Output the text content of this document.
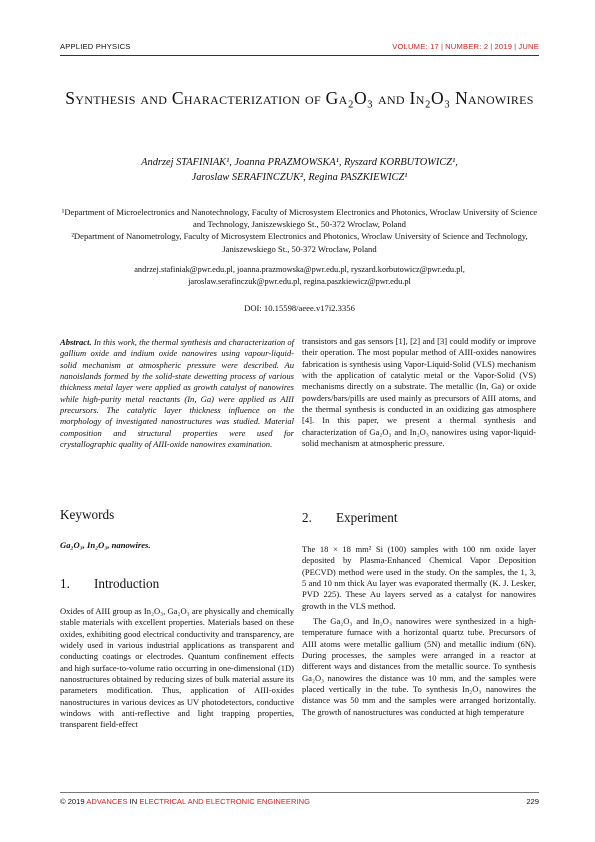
APPLIED PHYSICS	VOLUME: 17 | NUMBER: 2 | 2019 | JUNE
Synthesis and Characterization of Ga₂O₃ and In₂O₃ Nanowires
Andrzej STAFINIAK¹, Joanna PRAZMOWSKA¹, Ryszard KORBUTOWICZ¹,
Jaroslaw SERAFINCZUK², Regina PASZKIEWICZ¹
¹Department of Microelectronics and Nanotechnology, Faculty of Microsystem Electronics and Photonics, Wroclaw University of Science and Technology, Janiszewskiego St., 50-372 Wroclaw, Poland
²Department of Nanometrology, Faculty of Microsystem Electronics and Photonics, Wroclaw University of Science and Technology, Janiszewskiego St., 50-372 Wroclaw, Poland
andrzej.stafiniak@pwr.edu.pl, joanna.prazmowska@pwr.edu.pl, ryszard.korbutowicz@pwr.edu.pl,
jaroslaw.serafinczuk@pwr.edu.pl, regina.paszkiewicz@pwr.edu.pl
DOI: 10.15598/aeee.v17i2.3356

Abstract. In this work, the thermal synthesis and characterization of gallium oxide and indium oxide nanowires using vapour-liquid-solid mechanism at atmospheric pressure were described. Au nanoislands formed by the solid-state dewetting process of various thickness metal layer were applied as growth catalyst of nanowires while high-purity metal reactants (In, Ga) were applied as AIII precursors. The catalytic layer thickness influence on the morphology of investigated nanostructures was studied. Material composition and structural properties were used for crystallographic quality of AIII-oxide nanowires examination.

transistors and gas sensors [1], [2] and [3] could modify or improve their operation. The most popular method of AIII-oxides nanowires fabrication is synthesis using Vapor-Liquid-Solid (VLS) mechanism with the application of catalytic metal or the Vapor-Solid (VS) mechanisms directly on a substrate. The metallic (In, Ga) or oxide powders/bars/pills are used mainly as precursors of AIII atoms, and the thermal synthesis is conducted in an oxidizing gas atmosphere [4]. In this paper, we present a thermal synthesis and characterization of Ga₂O₃ and In₂O₃ nanowires using vapor-liquid-solid mechanism at atmospheric pressure.

Keywords
Ga₂O₃, In₂O₃, nanowires.
1. Introduction

Oxides of AIII group as In₂O₃, Ga₂O₃ are physically and chemically stable materials with excellent properties. Materials based on these oxides, exhibiting good electrical conductivity and transparency, are widely used in various industrial applications as transparent and conducting coatings or electrodes. Quantum confinement effects and high surface-to-volume ratio occurring in one-dimensional (1D) nanostructures obtained by reducing sizes of bulk material assure its parameters modification. Thus, application of AIII-oxides nanostructures in various devices as UV photodetectors, conductive windows with anti-reflective and light trapping properties, transparent field-effect

2. Experiment

The 18 × 18 mm² Si (100) samples with 100 nm oxide layer deposited by Plasma-Enhanced Chemical Vapor Deposition (PECVD) method were used in the study. On the samples, the 1, 3, 5 and 10 nm thick Au layer was evaporated thermally (K. J. Lesker, PVD 225). These Au layers served as a catalyst for nanowires growth in the VLS method.

The Ga₂O₃ and In₂O₃ nanowires were synthesized in a high-temperature furnace with a horizontal quartz tube. Precursors of AIII atoms were metallic gallium (5N) and metallic indium (6N). During processes, the samples were arranged in a reactor at different ways and distances from the metallic source. To synthesis Ga₂O₃ nanowires the distance was 10 mm, and the samples were placed vertically in the tube. To synthesis In₂O₃ nanowires the distance was 50 mm and the samples were arranged horizontally. The growth of nanostructures was conducted at high temperature

© 2019 ADVANCES IN ELECTRICAL AND ELECTRONIC ENGINEERING	229
